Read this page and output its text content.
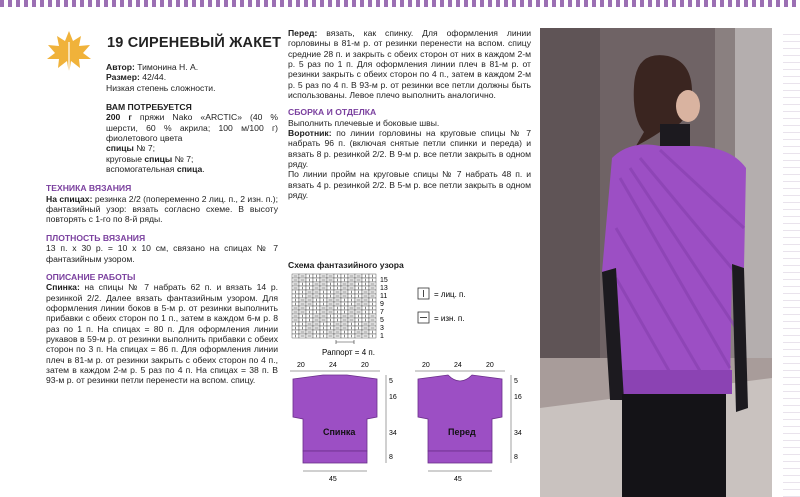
19 СИРЕНЕВЫЙ ЖАКЕТ

Автор: Тимонина Н. А.

Размер: 42/44.

Низкая степень сложности.

ВАМ ПОТРЕБУЕТСЯ

200 г пряжи Nako «ARCTIC» (40 % шерсти, 60 % акрила; 100 м/100 г) фиолетового цвета

спицы № 7;

круговые спицы № 7;

вспомогательная спица.

ТЕХНИКА ВЯЗАНИЯ

На спицах: резинка 2/2 (попеременно 2 лиц. п., 2 изн. п.);

фантазийный узор: вязать согласно схеме. В высоту повторять с 1-го по 8-й ряды.

ПЛОТНОСТЬ ВЯЗАНИЯ

13 п. х 30 р. = 10 х 10 см, связано на спицах № 7 фантазийным узором.

ОПИСАНИЕ РАБОТЫ

Спинка: на спицы № 7 набрать 62 п. и вязать 14 р. резинкой 2/2. Далее вязать фантазийным узором. Для оформления линии боков в 5-м р. от резинки выполнить прибавки с обеих сторон по 1 п., затем в каждом 6-м р. 8 раз по 1 п. На спицах = 80 п. Для оформления линии рукавов в 59-м р. от резинки выполнить прибавки с обеих сторон по 3 п. На спицах = 86 п. Для оформления линии плеч в 81-м р. от резинки закрыть с обеих сторон по 4 п., затем в каждом 2-м р. 5 раз по 4 п. На спицах = 38 п. В 93-м р. от резинки петли перенести на вспом. спицу.

Перед: вязать, как спинку. Для оформления линии горловины в 81-м р. от резинки перенести на вспом. спицу средние 28 п. и закрыть с обеих сторон от них в каждом 2-м р. 5 раз по 1 п. Для оформления линии плеч в 81-м р. от резинки закрыть с обеих сторон по 4 п., затем в каждом 2-м р. 5 раз по 4 п. В 93-м р. от резинки все петли должны быть использованы. Левое плечо выполнить аналогично.

СБОРКА И ОТДЕЛКА

Выполнить плечевые и боковые швы.

Воротник: по линии горловины на круговые спицы № 7 набрать 96 п. (включая снятые петли спинки и переда) и вязать 8 р. резинкой 2/2. В 9-м р. все петли закрыть в одном ряду.

По линии пройм на круговые спицы № 7 набрать 48 п. и вязать 4 р. резинкой 2/2. В 5-м р. все петли закрыть в одном ряду.

Схема фантазийного узора
15
13
11
9
7
5
3
1
= лиц. п.
= изн. п.
Раппорт = 4 п.
20	24	20
Спинка
5
16
34
8
45
20	24	20
Перед
5
16
34
8
45
